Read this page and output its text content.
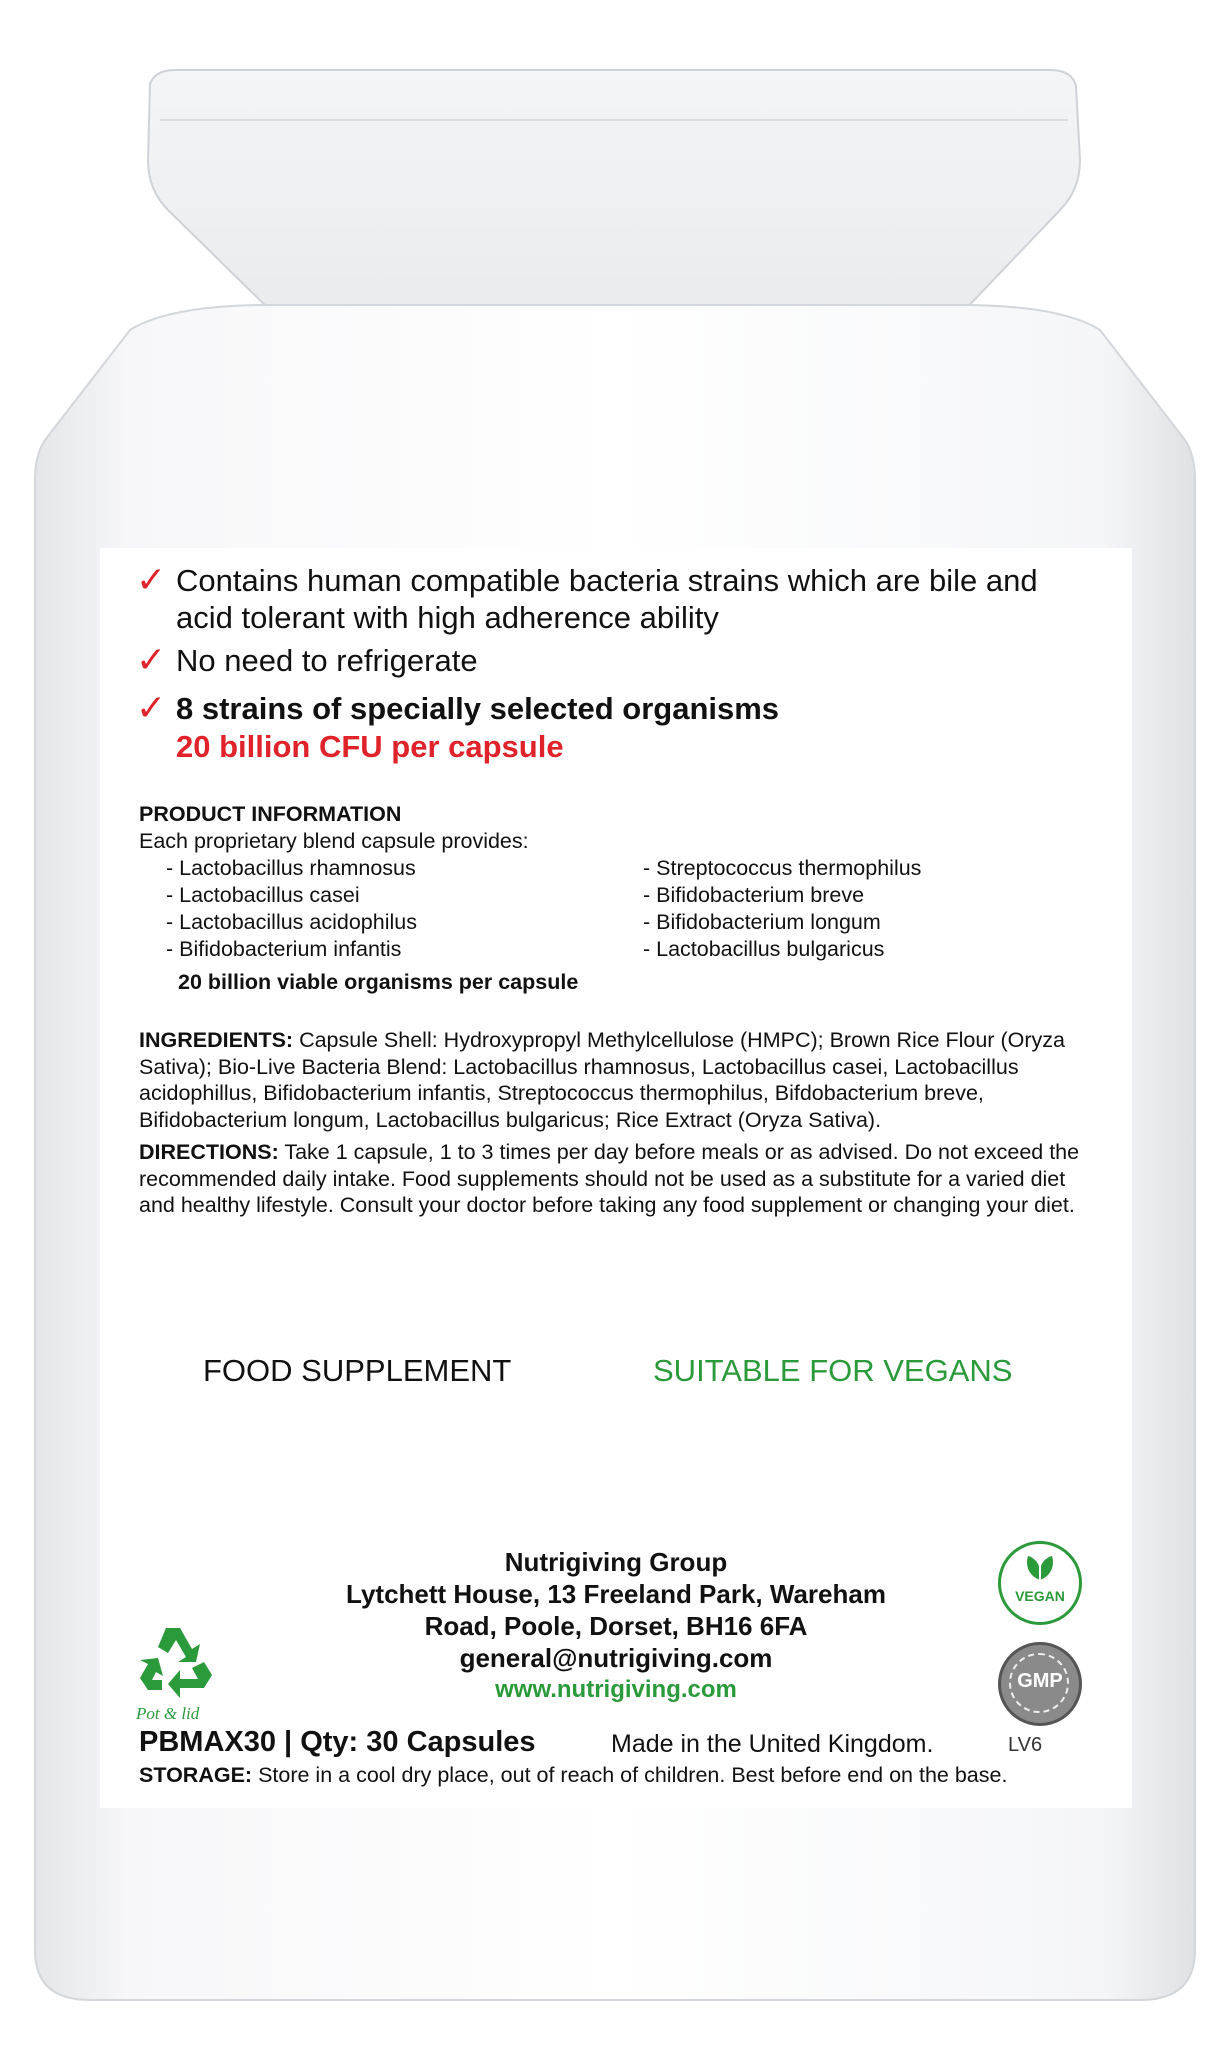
✓ Contains human compatible bacteria strains which are bile and
acid tolerant with high adherence ability
✓ No need to refrigerate
✓ 8 strains of specially selected organisms
20 billion CFU per capsule
PRODUCT INFORMATION
Each proprietary blend capsule provides:
- Lactobacillus rhamnosus
- Lactobacillus casei
- Lactobacillus acidophilus
- Bifidobacterium infantis
- Streptococcus thermophilus
- Bifidobacterium breve
- Bifidobacterium longum
- Lactobacillus bulgaricus
20 billion viable organisms per capsule
INGREDIENTS: Capsule Shell: Hydroxypropyl Methylcellulose (HMPC); Brown Rice Flour (Oryza Sativa); Bio-Live Bacteria Blend: Lactobacillus rhamnosus, Lactobacillus casei, Lactobacillus acidophillus, Bifidobacterium infantis, Streptococcus thermophilus, Bifdobacterium breve, Bifidobacterium longum, Lactobacillus bulgaricus; Rice Extract (Oryza Sativa).
DIRECTIONS: Take 1 capsule, 1 to 3 times per day before meals or as advised. Do not exceed the recommended daily intake. Food supplements should not be used as a substitute for a varied diet and healthy lifestyle. Consult your doctor before taking any food supplement or changing your diet.
FOOD SUPPLEMENT	SUITABLE FOR VEGANS
Nutrigiving Group
Lytchett House, 13 Freeland Park, Wareham
Road, Poole, Dorset, BH16 6FA
general@nutrigiving.com
www.nutrigiving.com
Pot & lid
VEGAN
GMP
PBMAX30 | Qty: 30 Capsules	Made in the United Kingdom.	LV6
STORAGE: Store in a cool dry place, out of reach of children. Best before end on the base.
